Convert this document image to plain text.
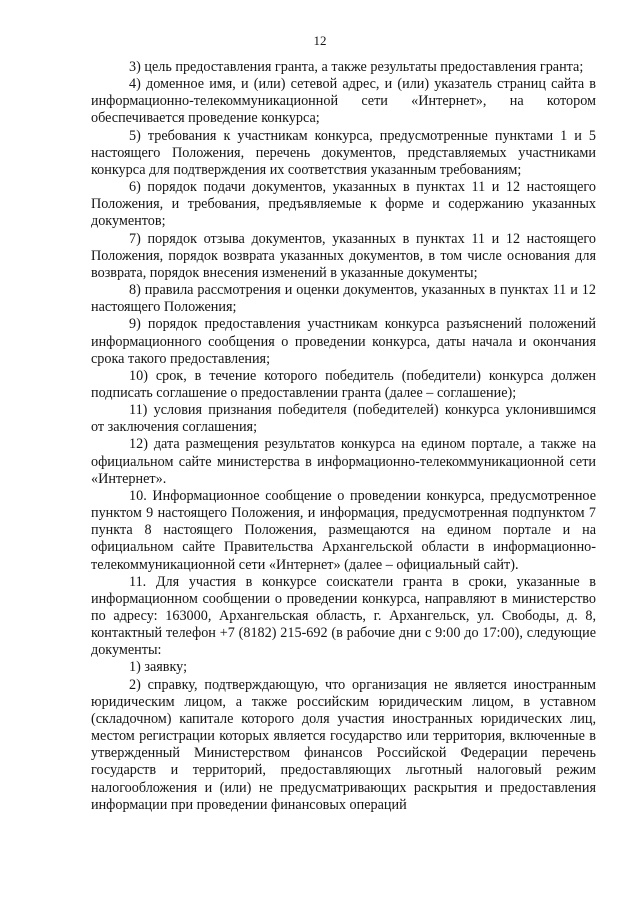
12

3) цель предоставления гранта, а также результаты предоставления гранта;

4) доменное имя, и (или) сетевой адрес, и (или) указатель страниц сайта в информационно-телекоммуникационной сети «Интернет», на котором обеспечивается проведение конкурса;

5) требования к участникам конкурса, предусмотренные пунктами 1 и 5 настоящего Положения, перечень документов, представляемых участниками конкурса для подтверждения их соответствия указанным требованиям;

6) порядок подачи документов, указанных в пунктах 11 и 12 настоящего Положения, и требования, предъявляемые к форме и содержанию указанных документов;

7) порядок отзыва документов, указанных в пунктах 11 и 12 настоящего Положения, порядок возврата указанных документов, в том числе основания для возврата, порядок внесения изменений в указанные документы;

8) правила рассмотрения и оценки документов, указанных в пунктах 11 и 12 настоящего Положения;

9) порядок предоставления участникам конкурса разъяснений положений информационного сообщения о проведении конкурса, даты начала и окончания срока такого предоставления;

10) срок, в течение которого победитель (победители) конкурса должен подписать соглашение о предоставлении гранта (далее – соглашение);

11) условия признания победителя (победителей) конкурса уклонившимся от заключения соглашения;

12) дата размещения результатов конкурса на едином портале, а также на официальном сайте министерства в информационно-телекоммуникационной сети «Интернет».

10. Информационное сообщение о проведении конкурса, предусмотренное пунктом 9 настоящего Положения, и информация, предусмотренная подпунктом 7 пункта 8 настоящего Положения, размещаются на едином портале и на официальном сайте Правительства Архангельской области в информационно-телекоммуникационной сети «Интернет» (далее – официальный сайт).

11. Для участия в конкурсе соискатели гранта в сроки, указанные в информационном сообщении о проведении конкурса, направляют в министерство по адресу: 163000, Архангельская область, г. Архангельск, ул. Свободы, д. 8, контактный телефон +7 (8182) 215-692 (в рабочие дни с 9:00 до 17:00), следующие документы:

1) заявку;

2) справку, подтверждающую, что организация не является иностранным юридическим лицом, а также российским юридическим лицом, в уставном (складочном) капитале которого доля участия иностранных юридических лиц, местом регистрации которых является государство или территория, включенные в утвержденный Министерством финансов Российской Федерации перечень государств и территорий, предоставляющих льготный налоговый режим налогообложения и (или) не предусматривающих раскрытия и предоставления информации при проведении финансовых операций
